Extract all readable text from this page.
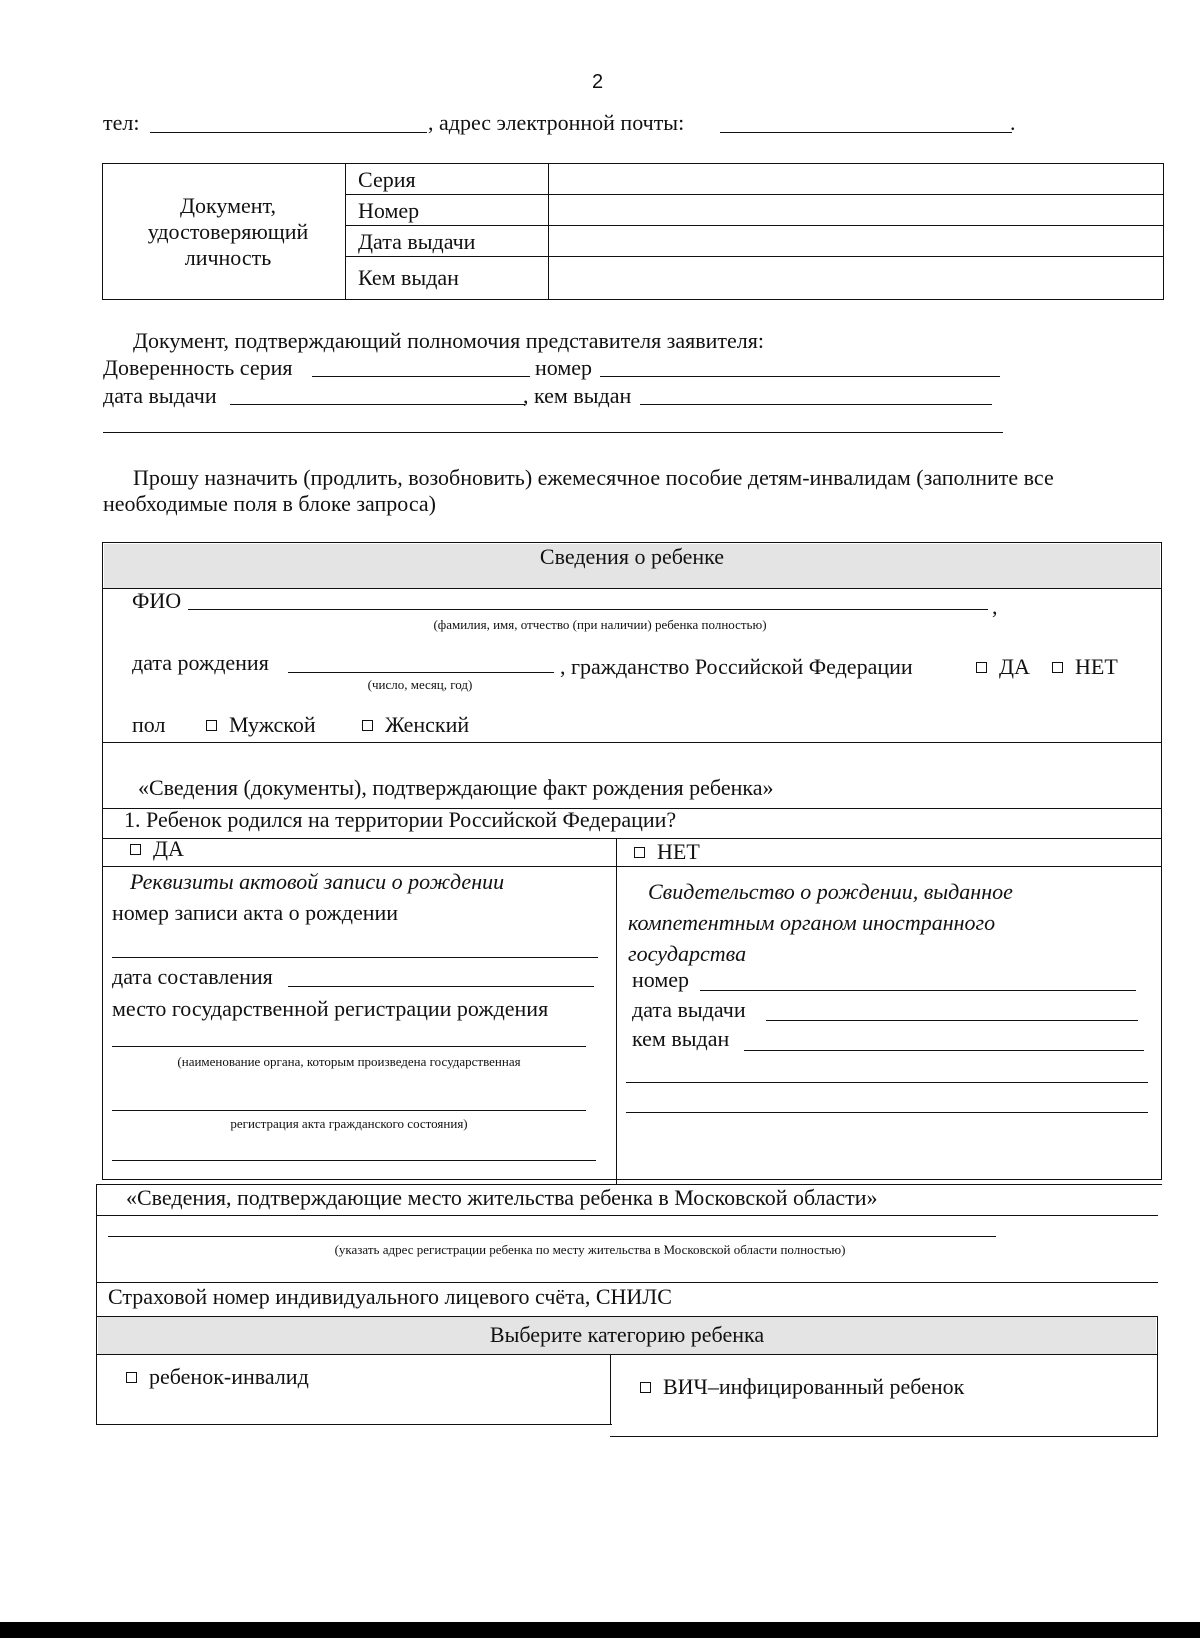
2
тел:	, адрес электронной почты:	.
Документ, удостоверяющий личность
Серия
Номер
Дата выдачи
Кем выдан
Документ, подтверждающий полномочия представителя заявителя:
Доверенность серия	номер
дата выдачи	, кем выдан
Прошу назначить (продлить, возобновить) ежемесячное пособие детям-инвалидам (заполните все необходимые поля в блоке запроса)
Сведения о ребенке
ФИО	,
(фамилия, имя, отчество (при наличии) ребенка полностью)
дата рождения
(число, месяц, год)
, гражданство Российской Федерации	ДА	НЕТ
пол	Мужской	Женский
«Сведения (документы), подтверждающие факт рождения ребенка»
1. Ребенок родился на территории Российской Федерации?
ДА	НЕТ
Реквизиты актовой записи о рождении
номер записи акта о рождении
дата составления
место государственной регистрации рождения
(наименование органа, которым произведена государственная
регистрация акта гражданского состояния)
Свидетельство о рождении, выданное компетентным органом иностранного государства
номер
дата выдачи
кем выдан
«Сведения, подтверждающие место жительства ребенка в Московской области»
(указать адрес регистрации ребенка по месту жительства в Московской области полностью)
Страховой номер индивидуального лицевого счёта, СНИЛС
Выберите категорию ребенка
ребенок-инвалид	ВИЧ–инфицированный ребенок
